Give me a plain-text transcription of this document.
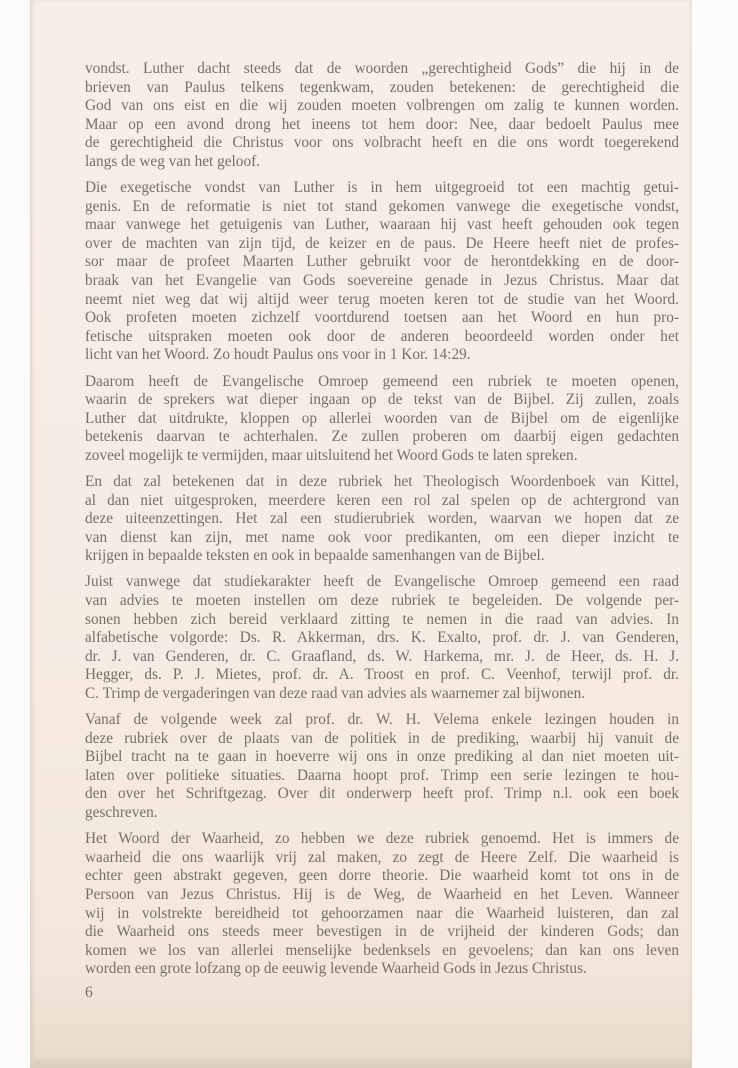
vondst. Luther dacht steeds dat de woorden „gerechtigheid Gods” die hij in de
brieven van Paulus telkens tegenkwam, zouden betekenen: de gerechtigheid die
God van ons eist en die wij zouden moeten volbrengen om zalig te kunnen worden.
Maar op een avond drong het ineens tot hem door: Nee, daar bedoelt Paulus mee
de gerechtigheid die Christus voor ons volbracht heeft en die ons wordt toegerekend
langs de weg van het geloof.
Die exegetische vondst van Luther is in hem uitgegroeid tot een machtig getui-
genis. En de reformatie is niet tot stand gekomen vanwege die exegetische vondst,
maar vanwege het getuigenis van Luther, waaraan hij vast heeft gehouden ook tegen
over de machten van zijn tijd, de keizer en de paus. De Heere heeft niet de profes-
sor maar de profeet Maarten Luther gebruikt voor de herontdekking en de door-
braak van het Evangelie van Gods soevereine genade in Jezus Christus. Maar dat
neemt niet weg dat wij altijd weer terug moeten keren tot de studie van het Woord.
Ook profeten moeten zichzelf voortdurend toetsen aan het Woord en hun pro-
fetische uitspraken moeten ook door de anderen beoordeeld worden onder het
licht van het Woord. Zo houdt Paulus ons voor in 1 Kor. 14:29.
Daarom heeft de Evangelische Omroep gemeend een rubriek te moeten openen,
waarin de sprekers wat dieper ingaan op de tekst van de Bijbel. Zij zullen, zoals
Luther dat uitdrukte, kloppen op allerlei woorden van de Bijbel om de eigenlijke
betekenis daarvan te achterhalen. Ze zullen proberen om daarbij eigen gedachten
zoveel mogelijk te vermijden, maar uitsluitend het Woord Gods te laten spreken.
En dat zal betekenen dat in deze rubriek het Theologisch Woordenboek van Kittel,
al dan niet uitgesproken, meerdere keren een rol zal spelen op de achtergrond van
deze uiteenzettingen. Het zal een studierubriek worden, waarvan we hopen dat ze
van dienst kan zijn, met name ook voor predikanten, om een dieper inzicht te
krijgen in bepaalde teksten en ook in bepaalde samenhangen van de Bijbel.
Juist vanwege dat studiekarakter heeft de Evangelische Omroep gemeend een raad
van advies te moeten instellen om deze rubriek te begeleiden. De volgende per-
sonen hebben zich bereid verklaard zitting te nemen in die raad van advies. In
alfabetische volgorde: Ds. R. Akkerman, drs. K. Exalto, prof. dr. J. van Genderen,
dr. J. van Genderen, dr. C. Graafland, ds. W. Harkema, mr. J. de Heer, ds. H. J.
Hegger, ds. P. J. Mietes, prof. dr. A. Troost en prof. C. Veenhof, terwijl prof. dr.
C. Trimp de vergaderingen van deze raad van advies als waarnemer zal bijwonen.
Vanaf de volgende week zal prof. dr. W. H. Velema enkele lezingen houden in
deze rubriek over de plaats van de politiek in de prediking, waarbij hij vanuit de
Bijbel tracht na te gaan in hoeverre wij ons in onze prediking al dan niet moeten uit-
laten over politieke situaties. Daarna hoopt prof. Trimp een serie lezingen te hou-
den over het Schriftgezag. Over dit onderwerp heeft prof. Trimp n.l. ook een boek
geschreven.
Het Woord der Waarheid, zo hebben we deze rubriek genoemd. Het is immers de
waarheid die ons waarlijk vrij zal maken, zo zegt de Heere Zelf. Die waarheid is
echter geen abstrakt gegeven, geen dorre theorie. Die waarheid komt tot ons in de
Persoon van Jezus Christus. Hij is de Weg, de Waarheid en het Leven. Wanneer
wij in volstrekte bereidheid tot gehoorzamen naar die Waarheid luisteren, dan zal
die Waarheid ons steeds meer bevestigen in de vrijheid der kinderen Gods; dan
komen we los van allerlei menselijke bedenksels en gevoelens; dan kan ons leven
worden een grote lofzang op de eeuwig levende Waarheid Gods in Jezus Christus.
6
